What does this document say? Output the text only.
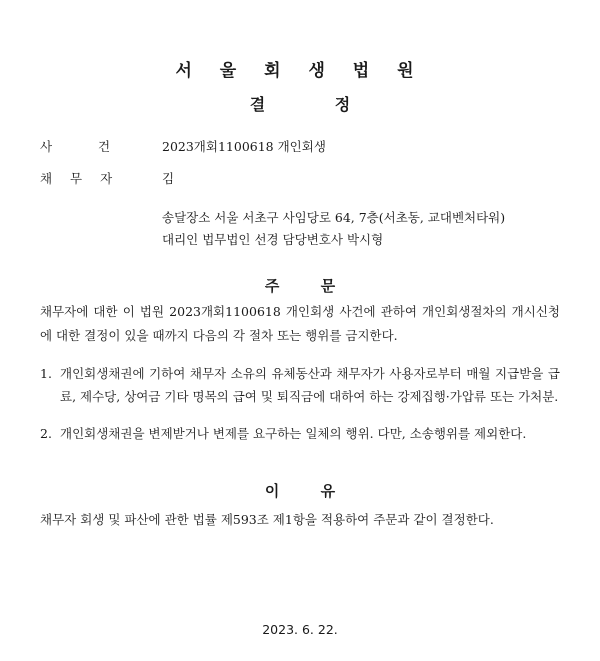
서 울 회 생 법 원
결 정
사 건	2023개회1100618 개인회생
채 무 자	김
송달장소 서울 서초구 사임당로 64, 7층(서초동, 교대벤처타워)
대리인 법무법인 선경 담당변호사 박시형
주 문
채무자에 대한 이 법원 2023개회1100618 개인회생 사건에 관하여 개인회생절차의 개시신청에 대한 결정이 있을 때까지 다음의 각 절차 또는 행위를 금지한다.
1. 개인회생채권에 기하여 채무자 소유의 유체동산과 채무자가 사용자로부터 매월 지급받을 급료, 제수당, 상여금 기타 명목의 급여 및 퇴직금에 대하여 하는 강제집행·가압류 또는 가처분.
2. 개인회생채권을 변제받거나 변제를 요구하는 일체의 행위. 다만, 소송행위를 제외한다.
이 유
채무자 회생 및 파산에 관한 법률 제593조 제1항을 적용하여 주문과 같이 결정한다.
2023. 6. 22.
